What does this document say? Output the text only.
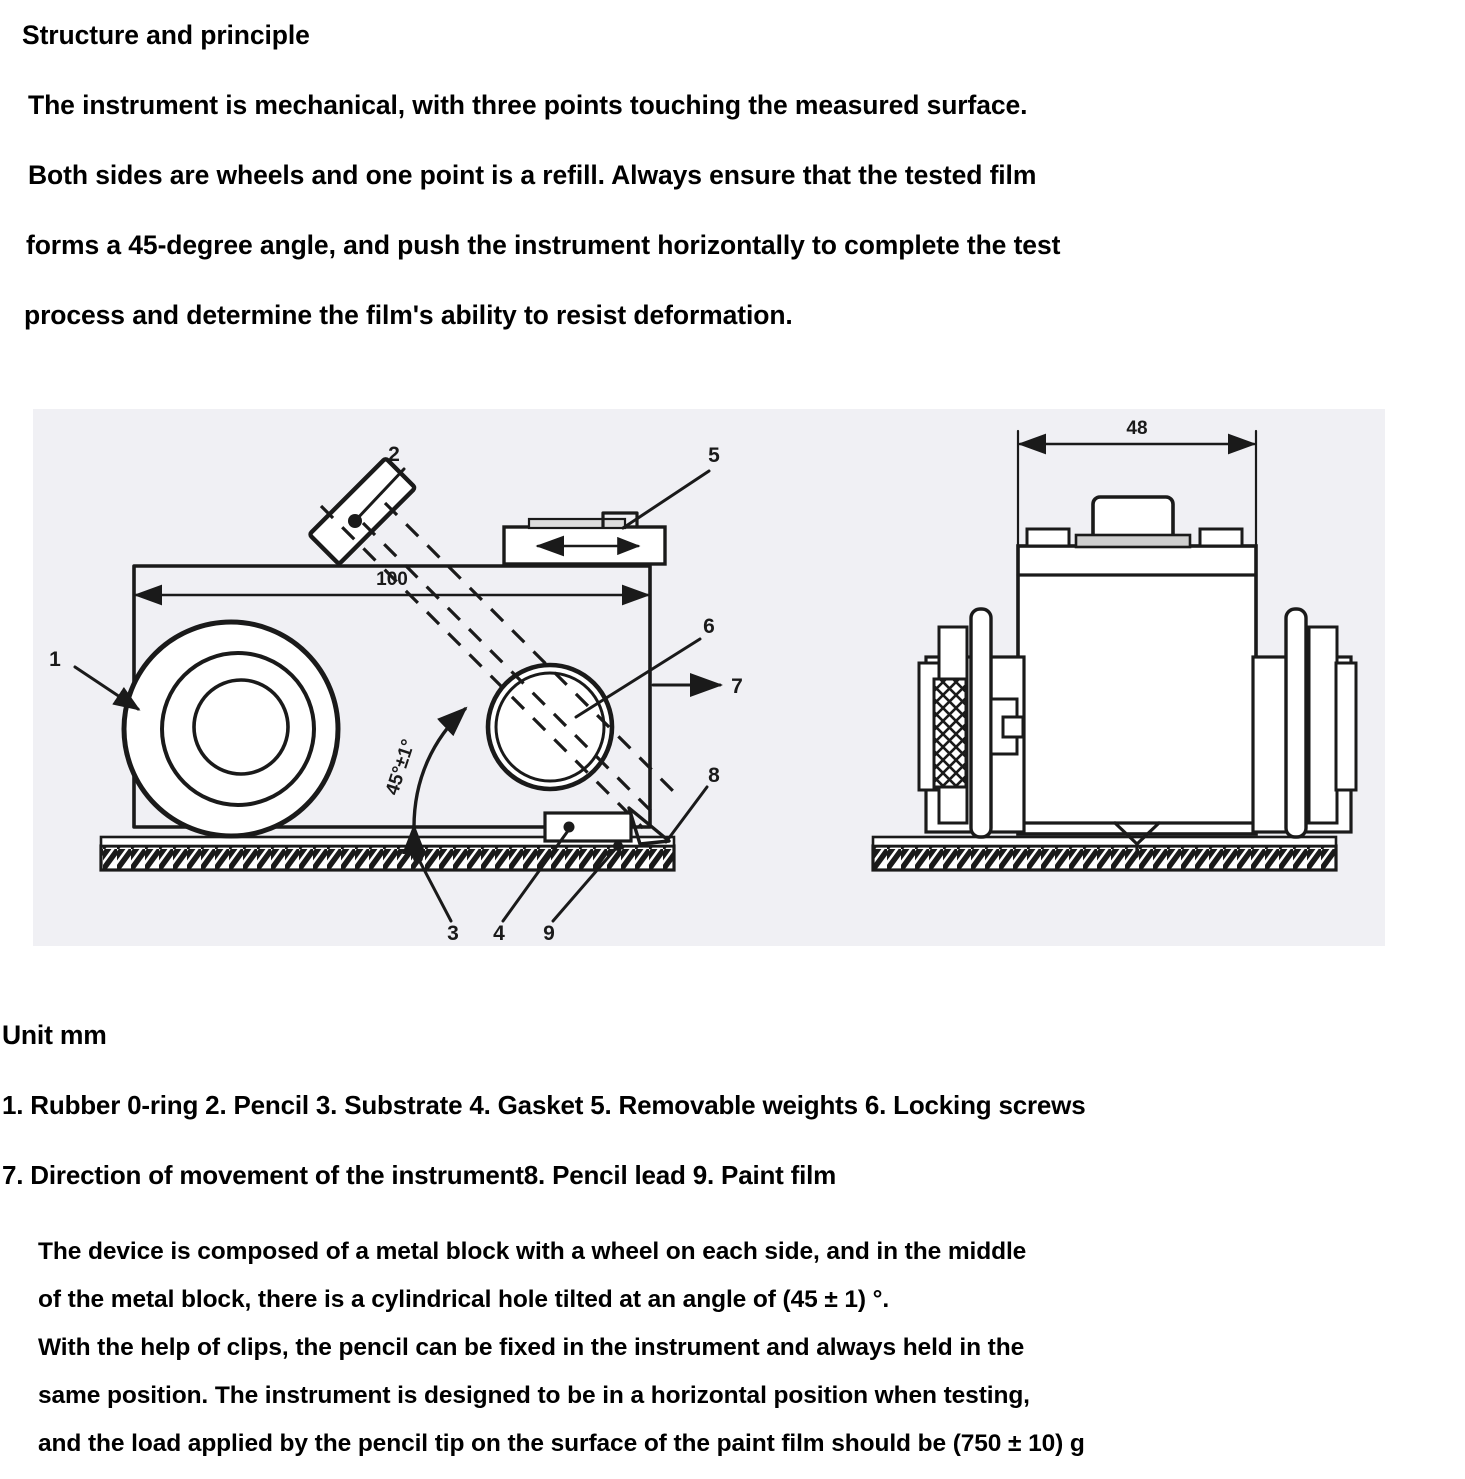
Structure and principle

The instrument is mechanical, with three points touching the measured surface.

Both sides are wheels and one point is a refill. Always ensure that the tested film

forms a 45-degree angle, and push the instrument horizontally to complete the test

process and determine the film's ability to resist deformation.

100
45°±1°
1
2	5
6
7
8
3 4 9
48

Unit mm

1. Rubber 0-ring 2. Pencil 3. Substrate 4. Gasket 5. Removable weights 6. Locking screws

7. Direction of movement of the instrument8. Pencil lead 9. Paint film

The device is composed of a metal block with a wheel on each side, and in the middle

of the metal block, there is a cylindrical hole tilted at an angle of (45 ± 1) °.

With the help of clips, the pencil can be fixed in the instrument and always held in the

same position. The instrument is designed to be in a horizontal position when testing,

and the load applied by the pencil tip on the surface of the paint film should be (750 ± 10) g
